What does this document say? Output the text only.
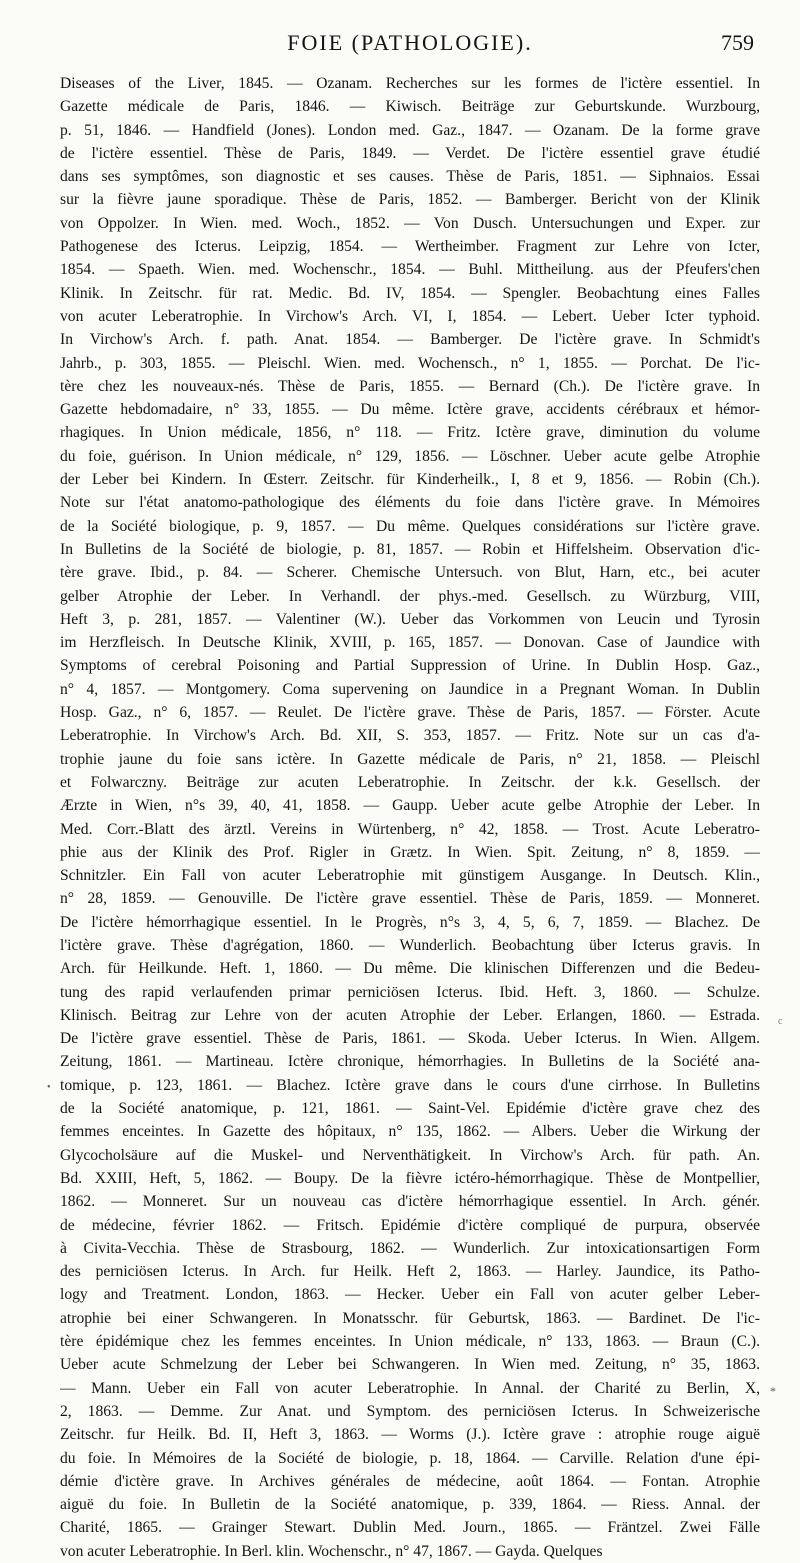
FOIE (PATHOLOGIE).	759
Diseases of the Liver, 1845. — Ozanam. Recherches sur les formes de l'ictère essentiel. In
Gazette médicale de Paris, 1846. — Kiwisch. Beiträge zur Geburtskunde. Wurzbourg,
p. 51, 1846. — Handfield (Jones). London med. Gaz., 1847. — Ozanam. De la forme grave
de l'ictère essentiel. Thèse de Paris, 1849. — Verdet. De l'ictère essentiel grave étudié
dans ses symptômes, son diagnostic et ses causes. Thèse de Paris, 1851. — Siphnaios. Essai
sur la fièvre jaune sporadique. Thèse de Paris, 1852. — Bamberger. Bericht von der Klinik
von Oppolzer. In Wien. med. Woch., 1852. — Von Dusch. Untersuchungen und Exper. zur
Pathogenese des Icterus. Leipzig, 1854. — Wertheimber. Fragment zur Lehre von Icter,
1854. — Spaeth. Wien. med. Wochenschr., 1854. — Buhl. Mittheilung. aus der Pfeufers'chen
Klinik. In Zeitschr. für rat. Medic. Bd. IV, 1854. — Spengler. Beobachtung eines Falles
von acuter Leberatrophie. In Virchow's Arch. VI, I, 1854. — Lebert. Ueber Icter typhoid.
In Virchow's Arch. f. path. Anat. 1854. — Bamberger. De l'ictère grave. In Schmidt's
Jahrb., p. 303, 1855. — Pleischl. Wien. med. Wochensch., n° 1, 1855. — Porchat. De l'ic-
tère chez les nouveaux-nés. Thèse de Paris, 1855. — Bernard (Ch.). De l'ictère grave. In
Gazette hebdomadaire, n° 33, 1855. — Du même. Ictère grave, accidents cérébraux et hémor-
rhagiques. In Union médicale, 1856, n° 118. — Fritz. Ictère grave, diminution du volume
du foie, guérison. In Union médicale, n° 129, 1856. — Löschner. Ueber acute gelbe Atrophie
der Leber bei Kindern. In Œsterr. Zeitschr. für Kinderheilk., I, 8 et 9, 1856. — Robin (Ch.).
Note sur l'état anatomo-pathologique des éléments du foie dans l'ictère grave. In Mémoires
de la Société biologique, p. 9, 1857. — Du même. Quelques considérations sur l'ictère grave.
In Bulletins de la Société de biologie, p. 81, 1857. — Robin et Hiffelsheim. Observation d'ic-
tère grave. Ibid., p. 84. — Scherer. Chemische Untersuch. von Blut, Harn, etc., bei acuter
gelber Atrophie der Leber. In Verhandl. der phys.-med. Gesellsch. zu Würzburg, VIII,
Heft 3, p. 281, 1857. — Valentiner (W.). Ueber das Vorkommen von Leucin und Tyrosin
im Herzfleisch. In Deutsche Klinik, XVIII, p. 165, 1857. — Donovan. Case of Jaundice with
Symptoms of cerebral Poisoning and Partial Suppression of Urine. In Dublin Hosp. Gaz.,
n° 4, 1857. — Montgomery. Coma supervening on Jaundice in a Pregnant Woman. In Dublin
Hosp. Gaz., n° 6, 1857. — Reulet. De l'ictère grave. Thèse de Paris, 1857. — Förster. Acute
Leberatrophie. In Virchow's Arch. Bd. XII, S. 353, 1857. — Fritz. Note sur un cas d'a-
trophie jaune du foie sans ictère. In Gazette médicale de Paris, n° 21, 1858. — Pleischl
et Folwarczny. Beiträge zur acuten Leberatrophie. In Zeitschr. der k.k. Gesellsch. der
Ærzte in Wien, n°s 39, 40, 41, 1858. — Gaupp. Ueber acute gelbe Atrophie der Leber. In
Med. Corr.-Blatt des ärztl. Vereins in Würtenberg, n° 42, 1858. — Trost. Acute Leberatro-
phie aus der Klinik des Prof. Rigler in Grætz. In Wien. Spit. Zeitung, n° 8, 1859. —
Schnitzler. Ein Fall von acuter Leberatrophie mit günstigem Ausgange. In Deutsch. Klin.,
n° 28, 1859. — Genouville. De l'ictère grave essentiel. Thèse de Paris, 1859. — Monneret.
De l'ictère hémorrhagique essentiel. In le Progrès, n°s 3, 4, 5, 6, 7, 1859. — Blachez. De
l'ictère grave. Thèse d'agrégation, 1860. — Wunderlich. Beobachtung über Icterus gravis. In
Arch. für Heilkunde. Heft. 1, 1860. — Du même. Die klinischen Differenzen und die Bedeu-
tung des rapid verlaufenden primar perniciösen Icterus. Ibid. Heft. 3, 1860. — Schulze.
Klinisch. Beitrag zur Lehre von der acuten Atrophie der Leber. Erlangen, 1860. — Estrada.
De l'ictère grave essentiel. Thèse de Paris, 1861. — Skoda. Ueber Icterus. In Wien. Allgem.
Zeitung, 1861. — Martineau. Ictère chronique, hémorrhagies. In Bulletins de la Société ana-
tomique, p. 123, 1861. — Blachez. Ictère grave dans le cours d'une cirrhose. In Bulletins
de la Société anatomique, p. 121, 1861. — Saint-Vel. Epidémie d'ictère grave chez des
femmes enceintes. In Gazette des hôpitaux, n° 135, 1862. — Albers. Ueber die Wirkung der
Glycocholsäure auf die Muskel- und Nerventhätigkeit. In Virchow's Arch. für path. An.
Bd. XXIII, Heft, 5, 1862. — Boupy. De la fièvre ictéro-hémorrhagique. Thèse de Montpellier,
1862. — Monneret. Sur un nouveau cas d'ictère hémorrhagique essentiel. In Arch. génér.
de médecine, février 1862. — Fritsch. Epidémie d'ictère compliqué de purpura, observée
à Civita-Vecchia. Thèse de Strasbourg, 1862. — Wunderlich. Zur intoxicationsartigen Form
des perniciösen Icterus. In Arch. fur Heilk. Heft 2, 1863. — Harley. Jaundice, its Patho-
logy and Treatment. London, 1863. — Hecker. Ueber ein Fall von acuter gelber Leber-
atrophie bei einer Schwangeren. In Monatsschr. für Geburtsk, 1863. — Bardinet. De l'ic-
tère épidémique chez les femmes enceintes. In Union médicale, n° 133, 1863. — Braun (C.).
Ueber acute Schmelzung der Leber bei Schwangeren. In Wien med. Zeitung, n° 35, 1863.
— Mann. Ueber ein Fall von acuter Leberatrophie. In Annal. der Charité zu Berlin, X,
2, 1863. — Demme. Zur Anat. und Symptom. des perniciösen Icterus. In Schweizerische
Zeitschr. fur Heilk. Bd. II, Heft 3, 1863. — Worms (J.). Ictère grave : atrophie rouge aiguë
du foie. In Mémoires de la Société de biologie, p. 18, 1864. — Carville. Relation d'une épi-
démie d'ictère grave. In Archives générales de médecine, août 1864. — Fontan. Atrophie
aiguë du foie. In Bulletin de la Société anatomique, p. 339, 1864. — Riess. Annal. der
Charité, 1865. — Grainger Stewart. Dublin Med. Journ., 1865. — Fräntzel. Zwei Fälle
von acuter Leberatrophie. In Berl. klin. Wochenschr., n° 47, 1867. — Gayda. Quelques
•
c
*
